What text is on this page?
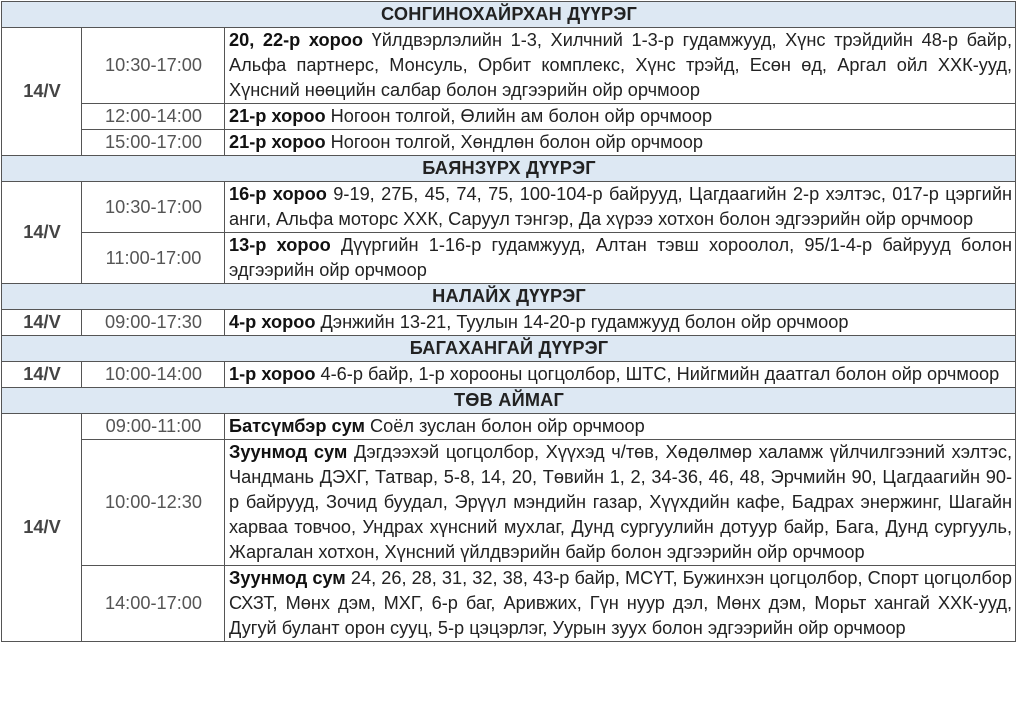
СОНГИНОХАЙРХАН ДҮҮРЭГ		
14/V	10:30-17:00	20, 22-р хороо Үйлдвэрлэлийн 1-3, Хилчний 1-3-р гудамжууд, Хүнс трэйдийн 48-р байр, Альфа партнерс, Монсуль, Орбит комплекс, Хүнс трэйд, Есөн өд, Аргал ойл ХХК-ууд, Хүнсний нөөцийн салбар болон эдгээрийн ойр орчмоор
	12:00-14:00	21-р хороо Ногоон толгой, Өлийн ам болон ойр орчмоор
	15:00-17:00	21-р хороо Ногоон толгой, Хөндлөн болон ойр орчмоор
БАЯНЗҮРХ ДҮҮРЭГ		
14/V	10:30-17:00	16-р хороо 9-19, 27Б, 45, 74, 75, 100-104-р байрууд, Цагдаагийн 2-р хэлтэс, 017-р цэргийн анги, Альфа моторс ХХК, Саруул тэнгэр, Да хүрээ хотхон болон эдгээрийн ойр орчмоор
	11:00-17:00	13-р хороо Дүүргийн 1-16-р гудамжууд, Алтан тэвш хороолол, 95/1-4-р байрууд болон эдгээрийн ойр орчмоор
НАЛАЙХ ДҮҮРЭГ		
14/V	09:00-17:30	4-р хороо Дэнжийн 13-21, Туулын 14-20-р гудамжууд болон ойр орчмоор
БАГАХАНГАЙ ДҮҮРЭГ		
14/V	10:00-14:00	1-р хороо 4-6-р байр, 1-р хорооны цогцолбор, ШТС, Нийгмийн даатгал болон ойр орчмоор
ТӨВ АЙМАГ		
14/V	09:00-11:00	Батсүмбэр сум Соёл зуслан болон ойр орчмоор
	10:00-12:30	Зуунмод сум Дэгдээхэй цогцолбор, Хүүхэд ч/төв, Хөдөлмөр халамж үйлчилгээний хэлтэс, Чандмань ДЭХГ, Татвар, 5-8, 14, 20, Төвийн 1, 2, 34-36, 46, 48, Эрчмийн 90, Цагдаагийн 90-р байрууд, Зочид буудал, Эрүүл мэндийн газар, Хүүхдийн кафе, Бадрах энержинг, Шагайн харваа товчоо, Ундрах хүнсний мухлаг, Дунд сургуулийн дотуур байр, Бага, Дунд сургууль, Жаргалан хотхон, Хүнсний үйлдвэрийн байр болон эдгээрийн ойр орчмоор
	14:00-17:00	Зуунмод сум 24, 26, 28, 31, 32, 38, 43-р байр, МСҮТ, Бужинхэн цогцолбор, Спорт цогцолбор СХЗТ, Мөнх дэм, МХГ, 6-р баг, Аривжих, Гүн нуур дэл, Мөнх дэм, Морьт хангай ХХК-ууд, Дугуй булант орон сууц, 5-р цэцэрлэг, Уурын зуух болон эдгээрийн ойр орчмоор
